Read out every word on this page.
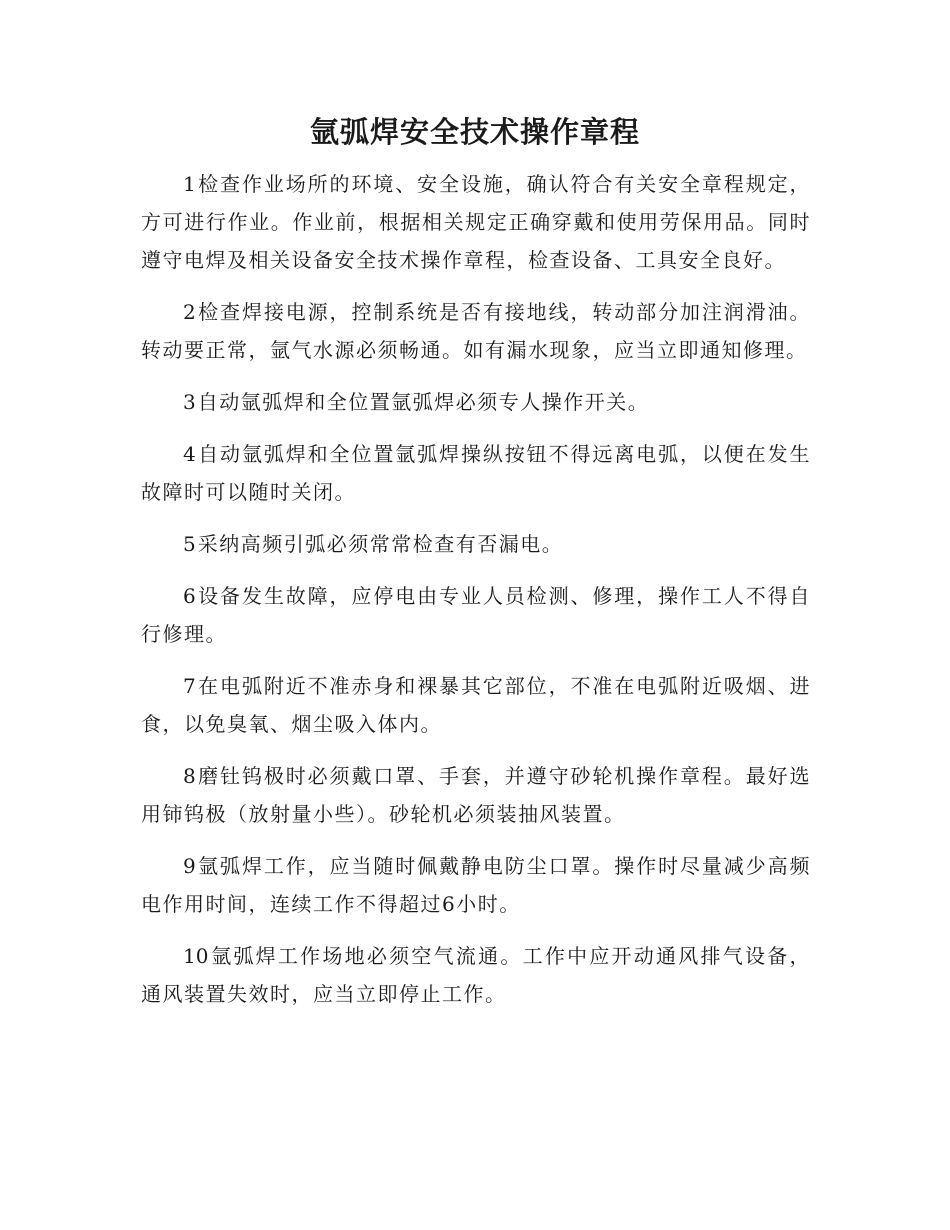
氩弧焊安全技术操作章程

1 检查作业场所的环境、安全设施，确认符合有关安全章程规定，方可进行作业。作业前，根据相关规定正确穿戴和使用劳保用品。同时遵守电焊及相关设备安全技术操作章程，检查设备、工具安全良好。

2 检查焊接电源，控制系统是否有接地线，转动部分加注润滑油。转动要正常，氩气水源必须畅通。如有漏水现象，应当立即通知修理。

3 自动氩弧焊和全位置氩弧焊必须专人操作开关。

4 自动氩弧焊和全位置氩弧焊操纵按钮不得远离电弧，以便在发生故障时可以随时关闭。

5 采纳高频引弧必须常常检查有否漏电。

6 设备发生故障，应停电由专业人员检测、修理，操作工人不得自行修理。

7 在电弧附近不准赤身和裸暴其它部位，不准在电弧附近吸烟、进食，以免臭氧、烟尘吸入体内。

8 磨钍钨极时必须戴口罩、手套，并遵守砂轮机操作章程。最好选用铈钨极（放射量小些）。砂轮机必须装抽风装置。

9 氩弧焊工作，应当随时佩戴静电防尘口罩。操作时尽量减少高频电作用时间，连续工作不得超过6小时。

10 氩弧焊工作场地必须空气流通。工作中应开动通风排气设备，通风装置失效时，应当立即停止工作。
